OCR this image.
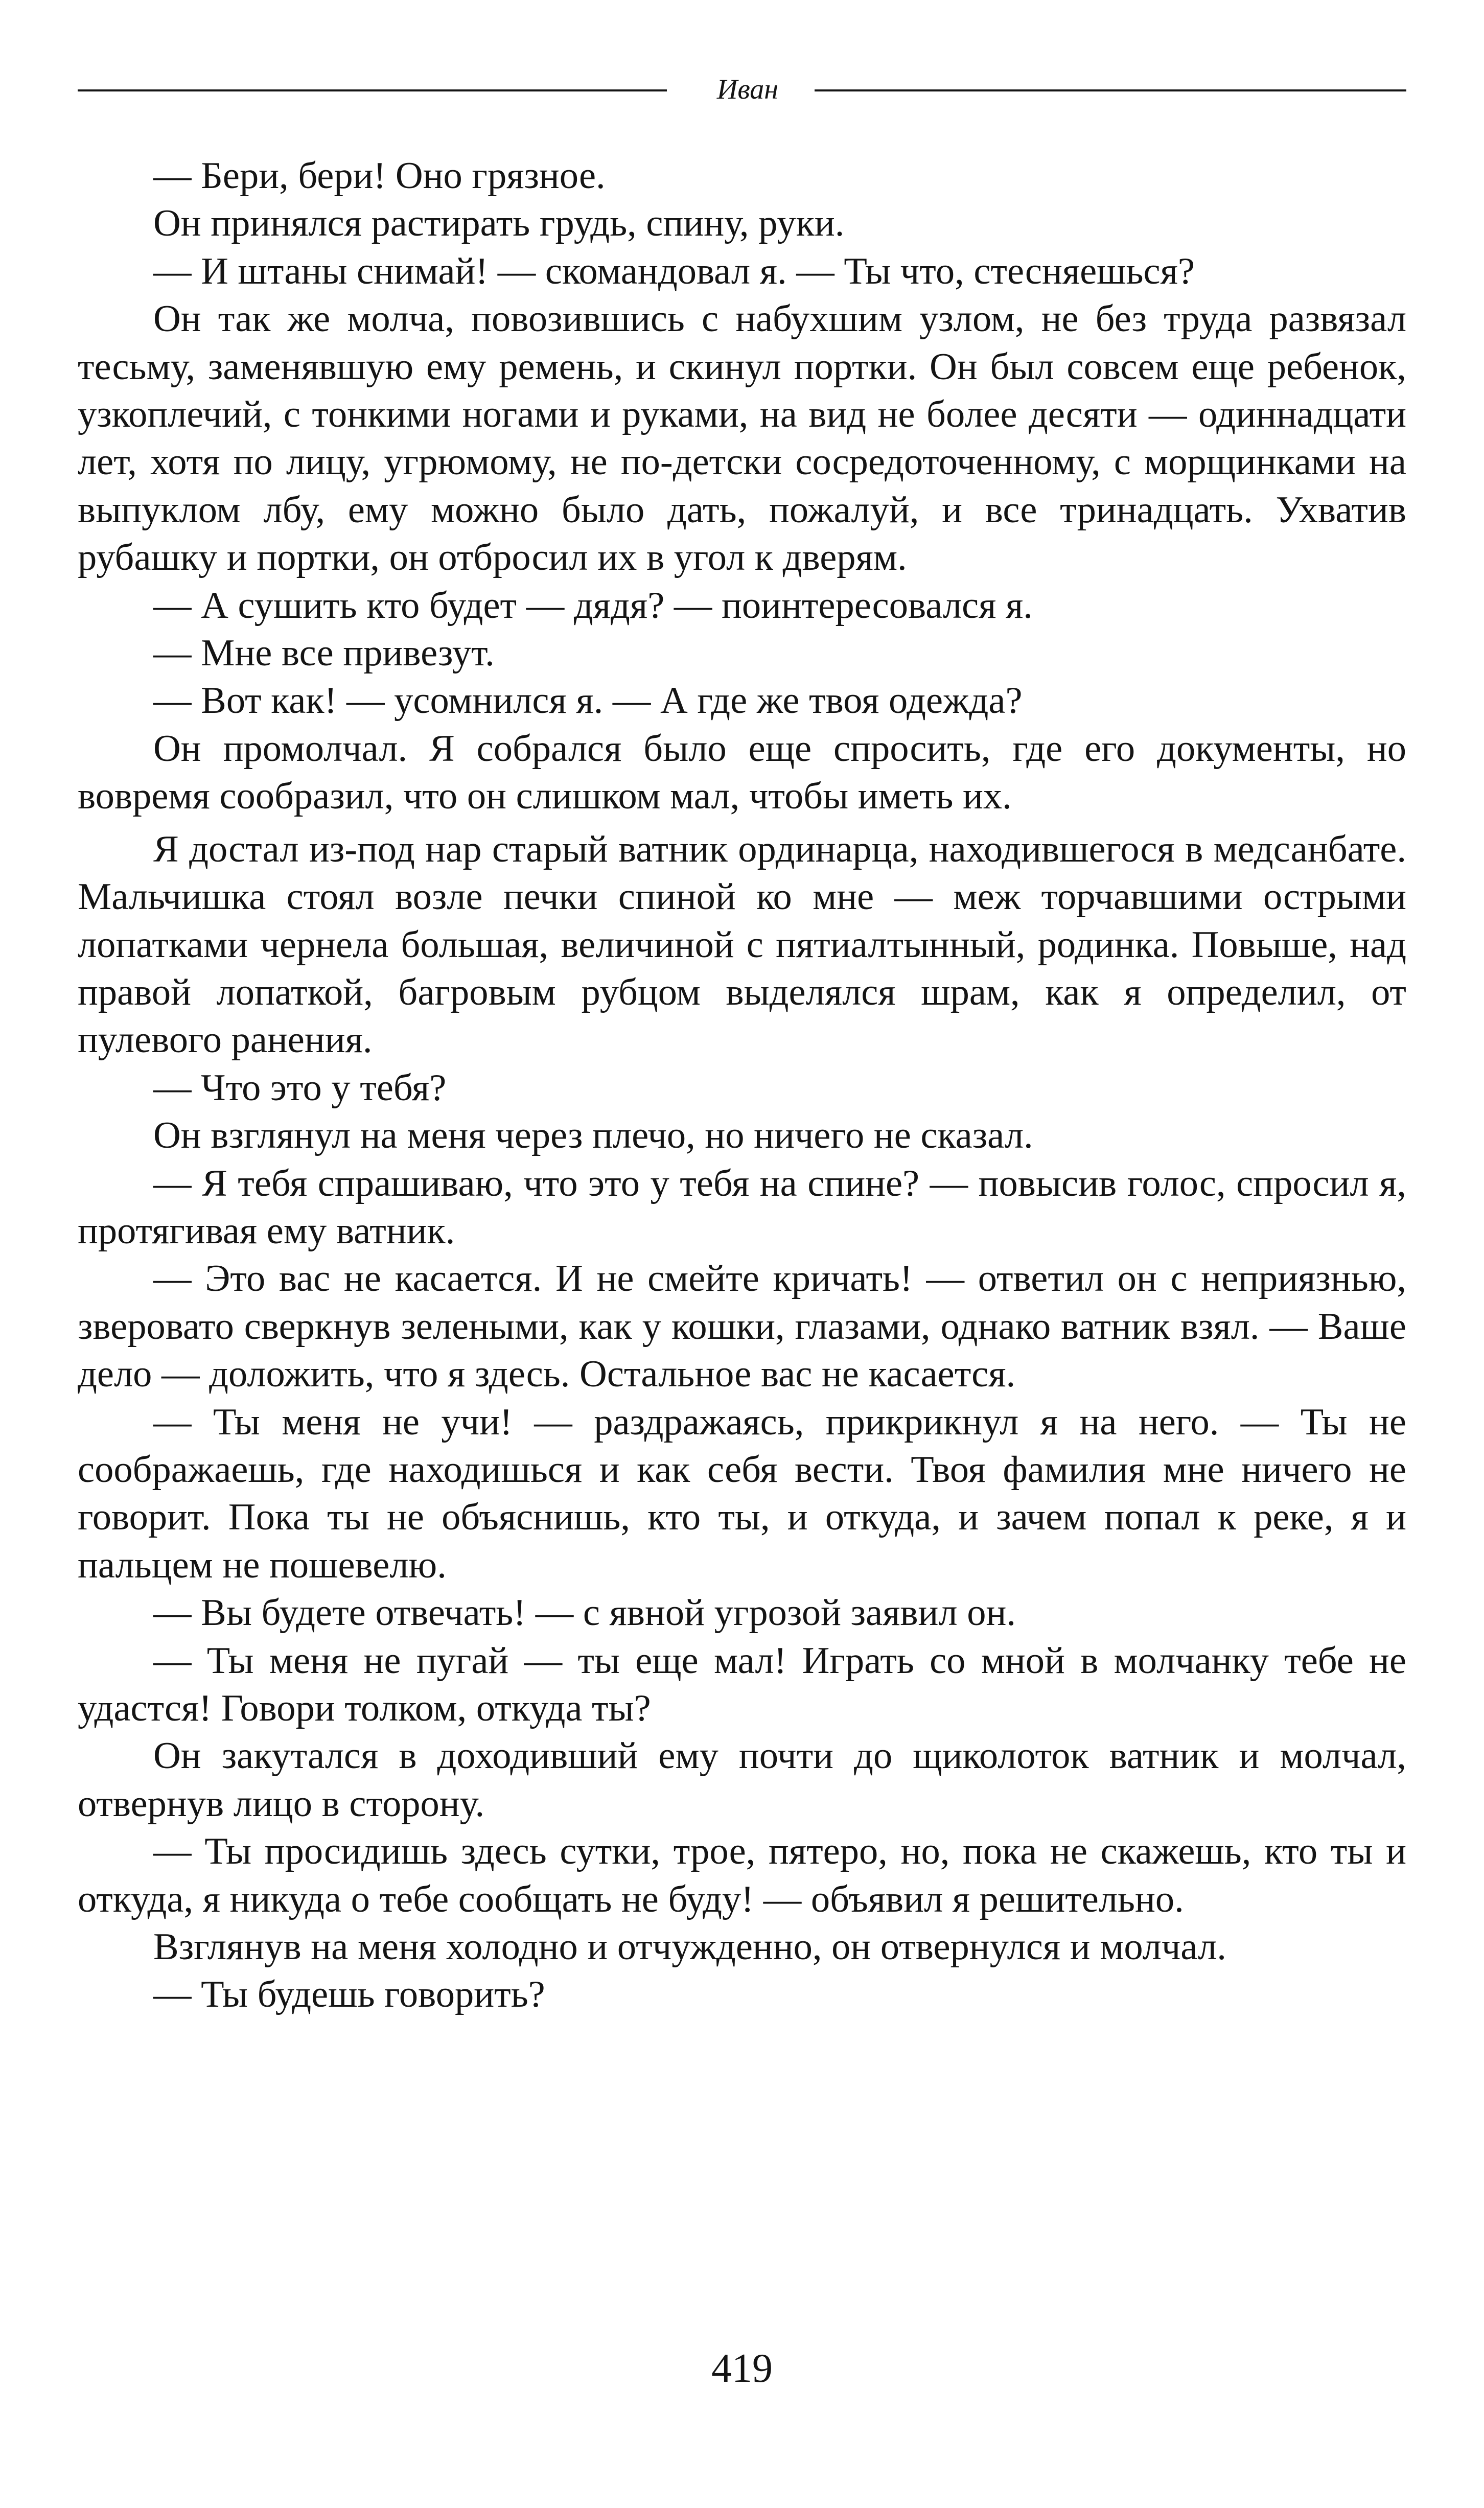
Иван

— Бери, бери! Оно грязное.

Он принялся растирать грудь, спину, руки.

— И штаны снимай! — скомандовал я. — Ты что, стесняешься?

Он так же молча, повозившись с набухшим узлом, не без труда развязал тесьму, заменявшую ему ремень, и скинул портки. Он был совсем еще ребенок, узкоплечий, с тонкими ногами и руками, на вид не более десяти — одиннадцати лет, хотя по лицу, угрюмому, не по-детски сосредоточенному, с морщинками на выпуклом лбу, ему можно было дать, пожалуй, и все тринадцать. Ухватив рубашку и портки, он отбросил их в угол к дверям.

— А сушить кто будет — дядя? — поинтересовался я.

— Мне все привезут.

— Вот как! — усомнился я. — А где же твоя одежда?

Он промолчал. Я собрался было еще спросить, где его документы, но вовремя сообразил, что он слишком мал, чтобы иметь их.

Я достал из-под нар старый ватник ординарца, находившегося в медсанбате. Мальчишка стоял возле печки спиной ко мне — меж торчавшими острыми лопатками чернела большая, величиной с пятиалтынный, родинка. Повыше, над правой лопаткой, багровым рубцом выделялся шрам, как я определил, от пулевого ранения.

— Что это у тебя?

Он взглянул на меня через плечо, но ничего не сказал.

— Я тебя спрашиваю, что это у тебя на спине? — повысив голос, спросил я, протягивая ему ватник.

— Это вас не касается. И не смейте кричать! — ответил он с неприязнью, зверовато сверкнув зелеными, как у кошки, глазами, однако ватник взял. — Ваше дело — доложить, что я здесь. Остальное вас не касается.

— Ты меня не учи! — раздражаясь, прикрикнул я на него. — Ты не соображаешь, где находишься и как себя вести. Твоя фамилия мне ничего не говорит. Пока ты не объяснишь, кто ты, и откуда, и зачем попал к реке, я и пальцем не пошевелю.

— Вы будете отвечать! — с явной угрозой заявил он.

— Ты меня не пугай — ты еще мал! Играть со мной в молчанку тебе не удастся! Говори толком, откуда ты?

Он закутался в доходивший ему почти до щиколоток ватник и молчал, отвернув лицо в сторону.

— Ты просидишь здесь сутки, трое, пятеро, но, пока не скажешь, кто ты и откуда, я никуда о тебе сообщать не буду! — объявил я решительно.

Взглянув на меня холодно и отчужденно, он отвернулся и молчал.

— Ты будешь говорить?

419
